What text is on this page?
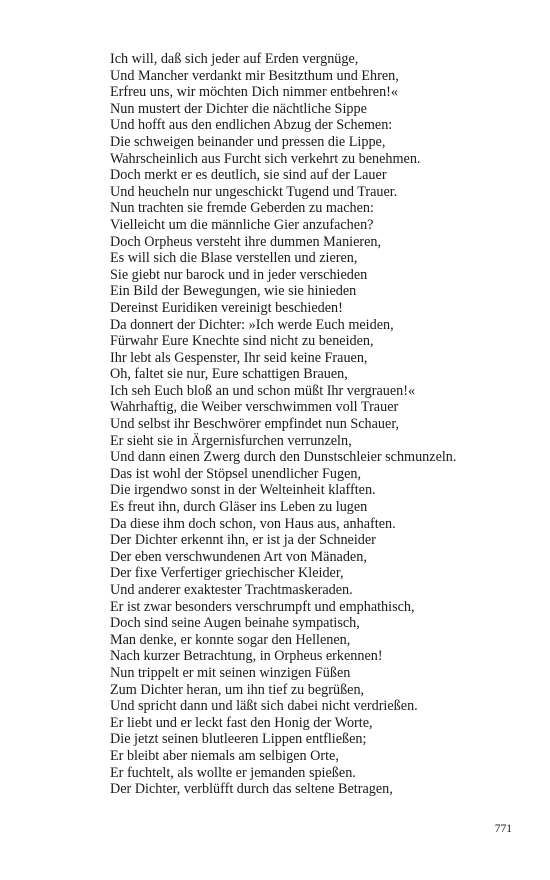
Ich will, daß sich jeder auf Erden vergnüge,
Und Mancher verdankt mir Besitzthum und Ehren,
Erfreu uns, wir möchten Dich nimmer entbehren!«
Nun mustert der Dichter die nächtliche Sippe
Und hofft aus den endlichen Abzug der Schemen:
Die schweigen beinander und pressen die Lippe,
Wahrscheinlich aus Furcht sich verkehrt zu benehmen.
Doch merkt er es deutlich, sie sind auf der Lauer
Und heucheln nur ungeschickt Tugend und Trauer.
Nun trachten sie fremde Geberden zu machen:
Vielleicht um die männliche Gier anzufachen?
Doch Orpheus versteht ihre dummen Manieren,
Es will sich die Blase verstellen und zieren,
Sie giebt nur barock und in jeder verschieden
Ein Bild der Bewegungen, wie sie hinieden
Dereinst Euridiken vereinigt beschieden!
Da donnert der Dichter: »Ich werde Euch meiden,
Fürwahr Eure Knechte sind nicht zu beneiden,
Ihr lebt als Gespenster, Ihr seid keine Frauen,
Oh, faltet sie nur, Eure schattigen Brauen,
Ich seh Euch bloß an und schon müßt Ihr vergrauen!«
Wahrhaftig, die Weiber verschwimmen voll Trauer
Und selbst ihr Beschwörer empfindet nun Schauer,
Er sieht sie in Ärgernisfurchen verrunzeln,
Und dann einen Zwerg durch den Dunstschleier schmunzeln.
Das ist wohl der Stöpsel unendlicher Fugen,
Die irgendwo sonst in der Welteinheit klafften.
Es freut ihn, durch Gläser ins Leben zu lugen
Da diese ihm doch schon, von Haus aus, anhaften.
Der Dichter erkennt ihn, er ist ja der Schneider
Der eben verschwundenen Art von Mänaden,
Der fixe Verfertiger griechischer Kleider,
Und anderer exaktester Trachtmaskeraden.
Er ist zwar besonders verschrumpft und emphathisch,
Doch sind seine Augen beinahe sympatisch,
Man denke, er konnte sogar den Hellenen,
Nach kurzer Betrachtung, in Orpheus erkennen!
Nun trippelt er mit seinen winzigen Füßen
Zum Dichter heran, um ihn tief zu begrüßen,
Und spricht dann und läßt sich dabei nicht verdrießen.
Er liebt und er leckt fast den Honig der Worte,
Die jetzt seinen blutleeren Lippen entfließen;
Er bleibt aber niemals am selbigen Orte,
Er fuchtelt, als wollte er jemanden spießen.
Der Dichter, verblüfft durch das seltene Betragen,
771
